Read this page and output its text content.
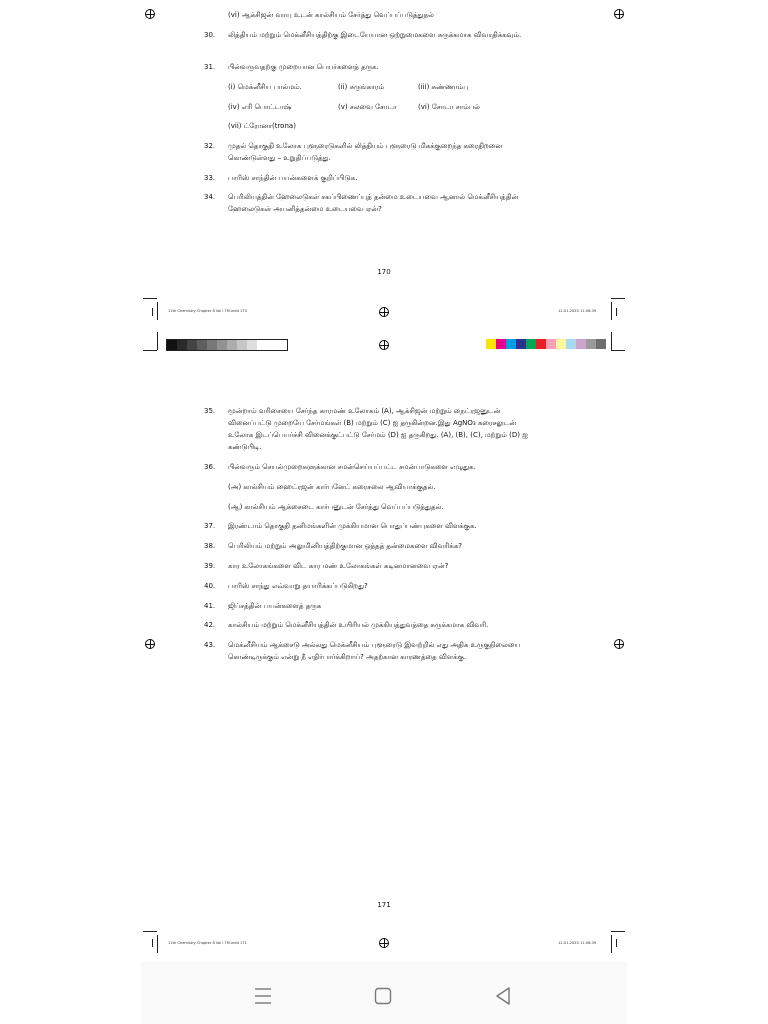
(vi) ஆக்சிஜன் வாயு உடன் கால்சியம் சேர்த்து வெப்பப்படுத்துதல்
30.	லித்தியம் மற்றும் மெக்னீசியத்திற்கு இடையேயான ஒற்றுமைகளை சுருக்கமாக விவாதிக்கவும்.
31.	பின்வருவதற்கு முறையான பெயர்களைத் தருக.
(i) மெக்னீசிய பால்மம்.	(ii) சுருங்காரம்	(iii) சுண்ணாம்பு
(iv) எரி பொட்டாஷ்	(v) சலவை சோடா	(vi) சோடா சாம்பல்
(vii) ட்ரோனா(trona)
32.	முதல் தொகுதி உலோக புளூரைடுகளில் லித்தியம் புளூரைடு மிகக்குறைந்த கரைதிறனை கொண்டுள்ளது – உறுதிப்படுத்து.
33.	பாரிஸ் சாந்தின் பயன்களைக் குறிப்பிடுக.
34.	பெரிலியத்தின் ஹேலைடுகள் சகப்பிணைப்புத் தன்மை உடையவை ஆனால் மெக்னீசியத்தின் ஹேலைடுகள் அயனித்தன்மை உடையவை ஏன்?
170
11th Chemistry Chapter 8 Vol I TM.indd 170	12-01-2020 11:08:39
35.	மூன்றாம் வரிசையை சேர்ந்த காரமண் உலோகம் (A), ஆக்சிஜன் மற்றும் நைட்ரஜனுடன் வினைப்பட்டு முறையே சேர்மங்கள் (B) மற்றும் (C) ஐ தருகின்றன.இது AgNO₃ கரைசலுடன் உலோக இடப்பெயர்ச்சி வினைக்குட்பட்டு சேர்மம் (D) ஐ தருகிறது. (A), (B), (C), மற்றும் (D) ஐ கண்டுபிடி.
36.	பின்வரும் செயல்முறைகளுக்கான சமன்செய்யப்பட்ட சமன்பாடுகளை எழுதுக.
(அ) கால்சியம் ஹைட்ரஜன் கார்பனேட் கரைசலை ஆவியாக்குதல்.
(ஆ) கால்சியம் ஆக்சைடை கார்பனுடன் சேர்த்து வெப்பப்படுத்துதல்.
37.	இரண்டாம் தொகுதி தனிமங்களின் முக்கியமான பொதுப்பண்புகளை விளக்குக.
38.	பெரிலியம் மற்றும் அலுமினியத்திற்குமான ஒத்தத் தன்மைகளை விவரிக்க?
39.	கார உலோகங்களை விட கார மண் உலோகங்கள் கடினமானவை ஏன்?
40.	பாரிஸ் சாந்து எவ்வாறு தயாரிக்கப்படுகிறது?
41.	ஜிப்சத்தின் பயன்களைத் தருக
42.	கால்சியம் மற்றும் மெக்னீசியத்தின் உயிரியல் முக்கியத்துவத்தை சுருக்கமாக விவரி.
43.	மெக்னீசியம் ஆக்சைடு அல்லது மெக்னீசியம் புளூரைடு இவற்றில் எது அதிக உருகுநிலையை கொண்டிருக்கும் என்று நீ எதிர்பார்க்கிறாய்? அதற்கான காரணத்தை விளக்கு.
171
11th Chemistry Chapter 8 Vol I TM.indd 171	12-01-2020 11:08:39
